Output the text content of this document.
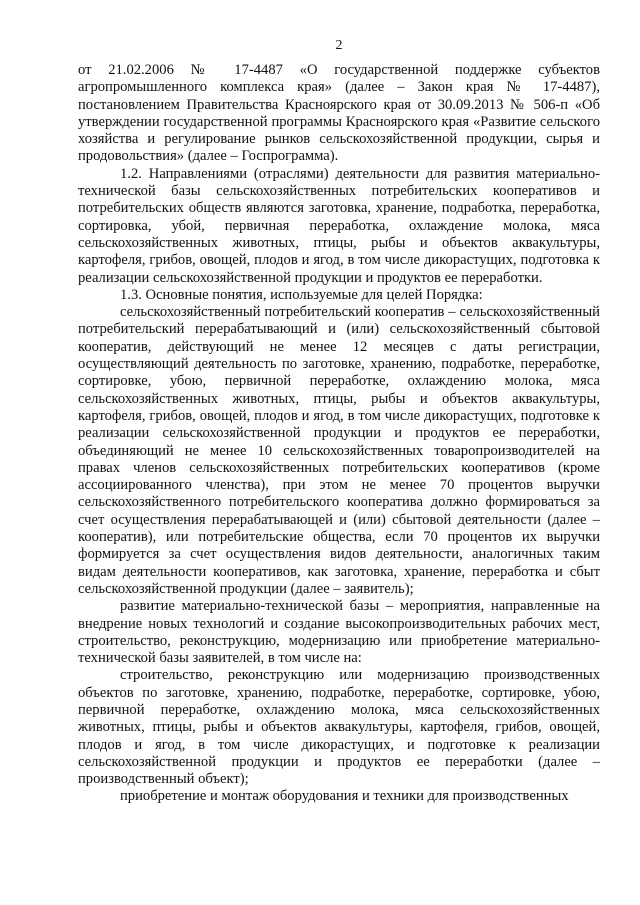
2

от 21.02.2006 № 17-4487 «О государственной поддержке субъектов агропромышленного комплекса края» (далее – Закон края № 17-4487), постановлением Правительства Красноярского края от 30.09.2013 № 506-п «Об утверждении государственной программы Красноярского края «Развитие сельского хозяйства и регулирование рынков сельскохозяйственной продукции, сырья и продовольствия» (далее – Госпрограмма).

1.2. Направлениями (отраслями) деятельности для развития материально-технической базы сельскохозяйственных потребительских кооперативов и потребительских обществ являются заготовка, хранение, подработка, переработка, сортировка, убой, первичная переработка, охлаждение молока, мяса сельскохозяйственных животных, птицы, рыбы и объектов аквакультуры, картофеля, грибов, овощей, плодов и ягод, в том числе дикорастущих, подготовка к реализации сельскохозяйственной продукции и продуктов ее переработки.

1.3. Основные понятия, используемые для целей Порядка:

сельскохозяйственный потребительский кооператив – сельскохозяйственный потребительский перерабатывающий и (или) сельскохозяйственный сбытовой кооператив, действующий не менее 12 месяцев с даты регистрации, осуществляющий деятельность по заготовке, хранению, подработке, переработке, сортировке, убою, первичной переработке, охлаждению молока, мяса сельскохозяйственных животных, птицы, рыбы и объектов аквакультуры, картофеля, грибов, овощей, плодов и ягод, в том числе дикорастущих, подготовке к реализации сельскохозяйственной продукции и продуктов ее переработки, объединяющий не менее 10 сельскохозяйственных товаропроизводителей на правах членов сельскохозяйственных потребительских кооперативов (кроме ассоциированного членства), при этом не менее 70 процентов выручки сельскохозяйственного потребительского кооператива должно формироваться за счет осуществления перерабатывающей и (или) сбытовой деятельности (далее – кооператив), или потребительские общества, если 70 процентов их выручки формируется за счет осуществления видов деятельности, аналогичных таким видам деятельности кооперативов, как заготовка, хранение, переработка и сбыт сельскохозяйственной продукции (далее – заявитель);

развитие материально-технической базы – мероприятия, направленные на внедрение новых технологий и создание высокопроизводительных рабочих мест, строительство, реконструкцию, модернизацию или приобретение материально-технической базы заявителей, в том числе на:

строительство, реконструкцию или модернизацию производственных объектов по заготовке, хранению, подработке, переработке, сортировке, убою, первичной переработке, охлаждению молока, мяса сельскохозяйственных животных, птицы, рыбы и объектов аквакультуры, картофеля, грибов, овощей, плодов и ягод, в том числе дикорастущих, и подготовке к реализации сельскохозяйственной продукции и продуктов ее переработки (далее – производственный объект);

приобретение и монтаж оборудования и техники для производственных
